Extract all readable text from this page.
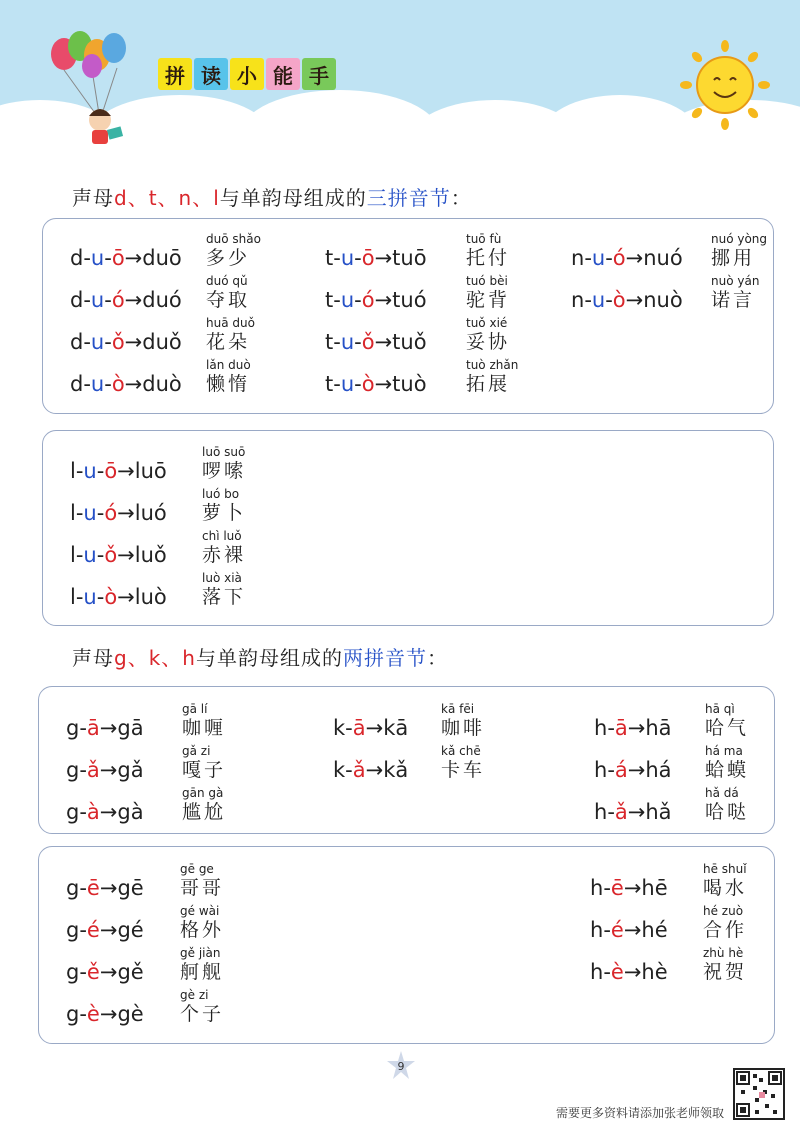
拼 读 小 能 手
声母d、t、n、l与单韵母组成的三拼音节：
声母g、k、h与单韵母组成的两拼音节：
d - u - ō → duō
duō shǎo
多少
d - u - ó → duó
duó qǔ
夺取
d - u - ǒ → duǒ
huā duǒ
花朵
d - u - ò → duò
lǎn duò
懒惰
t - u - ō → tuō
tuō fù
托付
t - u - ó → tuó
tuó bèi
驼背
t - u - ǒ → tuǒ
tuǒ xié
妥协
t - u - ò → tuò
tuò zhǎn
拓展
n - u - ó → nuó
nuó yòng
挪用
n - u - ò → nuò
nuò yán
诺言
l - u - ō → luō
luō suō
啰嗦
l - u - ó → luó
luó bo
萝卜
l - u - ǒ → luǒ
chì luǒ
赤裸
l - u - ò → luò
luò xià
落下
g - ā → gā
gā lí
咖喱
g - ǎ → gǎ
gǎ zi
嘎子
g - à → gà
gān gà
尴尬
k - ā → kā
kā fēi
咖啡
k - ǎ → kǎ
kǎ chē
卡车
h - ā → hā
hā qì
哈气
h - á → há
há ma
蛤蟆
h - ǎ → hǎ
hǎ dá
哈哒
g - ē → gē
gē ge
哥哥
g - é → gé
gé wài
格外
g - ě → gě
gě jiàn
舸舰
g - è → gè
gè zi
个子
h - ē → hē
hē shuǐ
喝水
h - é → hé
hé zuò
合作
h - è → hè
zhù hè
祝贺
9
需要更多资料请添加张老师领取
